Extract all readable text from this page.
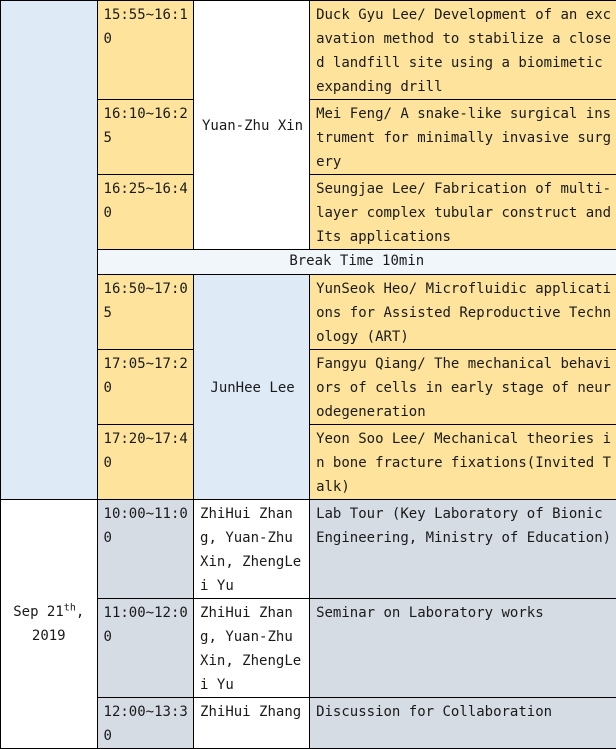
	15:55~16:10	Yuan-Zhu Xin	Duck Gyu Lee/ Development of an excavation method to stabilize a closed landfill site using a biomimetic expanding drill
	16:10~16:25		Mei Feng/ A snake-like surgical instrument for minimally invasive surgery
	16:25~16:40		Seungjae Lee/ Fabrication of multi-layer complex tubular construct and Its applications
	Break Time 10min		
	16:50~17:05	JunHee Lee	YunSeok Heo/ Microfluidic applications for Assisted Reproductive Technology (ART)
	17:05~17:20		Fangyu Qiang/ The mechanical behaviors of cells in early stage of neurodegeneration
	17:20~17:40		Yeon Soo Lee/ Mechanical theories in bone fracture fixations(Invited Talk)

Sep 21th,
2019	10:00~11:00	ZhiHui Zhang, Yuan-Zhu Xin, ZhengLei Yu	Lab Tour (Key Laboratory of Bionic Engineering, Ministry of Education)
	11:00~12:00	ZhiHui Zhang, Yuan-Zhu Xin, ZhengLei Yu	Seminar on Laboratory works
	12:00~13:30	ZhiHui Zhang	Discussion for Collaboration
